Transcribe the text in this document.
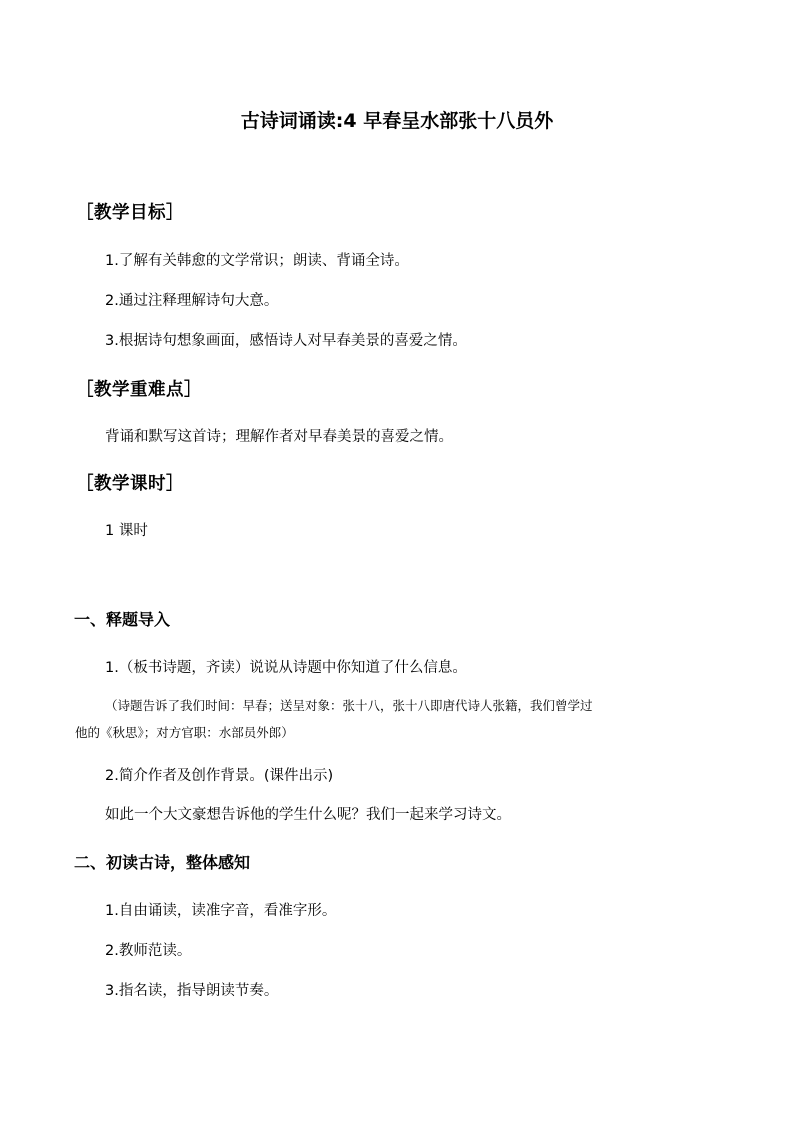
古诗词诵读:4 早春呈水部张十八员外
［教学目标］
1.了解有关韩愈的文学常识；朗读、背诵全诗。
2.通过注释理解诗句大意。
3.根据诗句想象画面，感悟诗人对早春美景的喜爱之情。
［教学重难点］
背诵和默写这首诗；理解作者对早春美景的喜爱之情。
［教学课时］
1 课时
一、释题导入
1.（板书诗题，齐读）说说从诗题中你知道了什么信息。
（诗题告诉了我们时间：早春；送呈对象：张十八，张十八即唐代诗人张籍，我们曾学过
他的《秋思》；对方官职：水部员外郎）
2.简介作者及创作背景。(课件出示)
如此一个大文豪想告诉他的学生什么呢？我们一起来学习诗文。
二、初读古诗，整体感知
1.自由诵读，读准字音，看准字形。
2.教师范读。
3.指名读，指导朗读节奏。
